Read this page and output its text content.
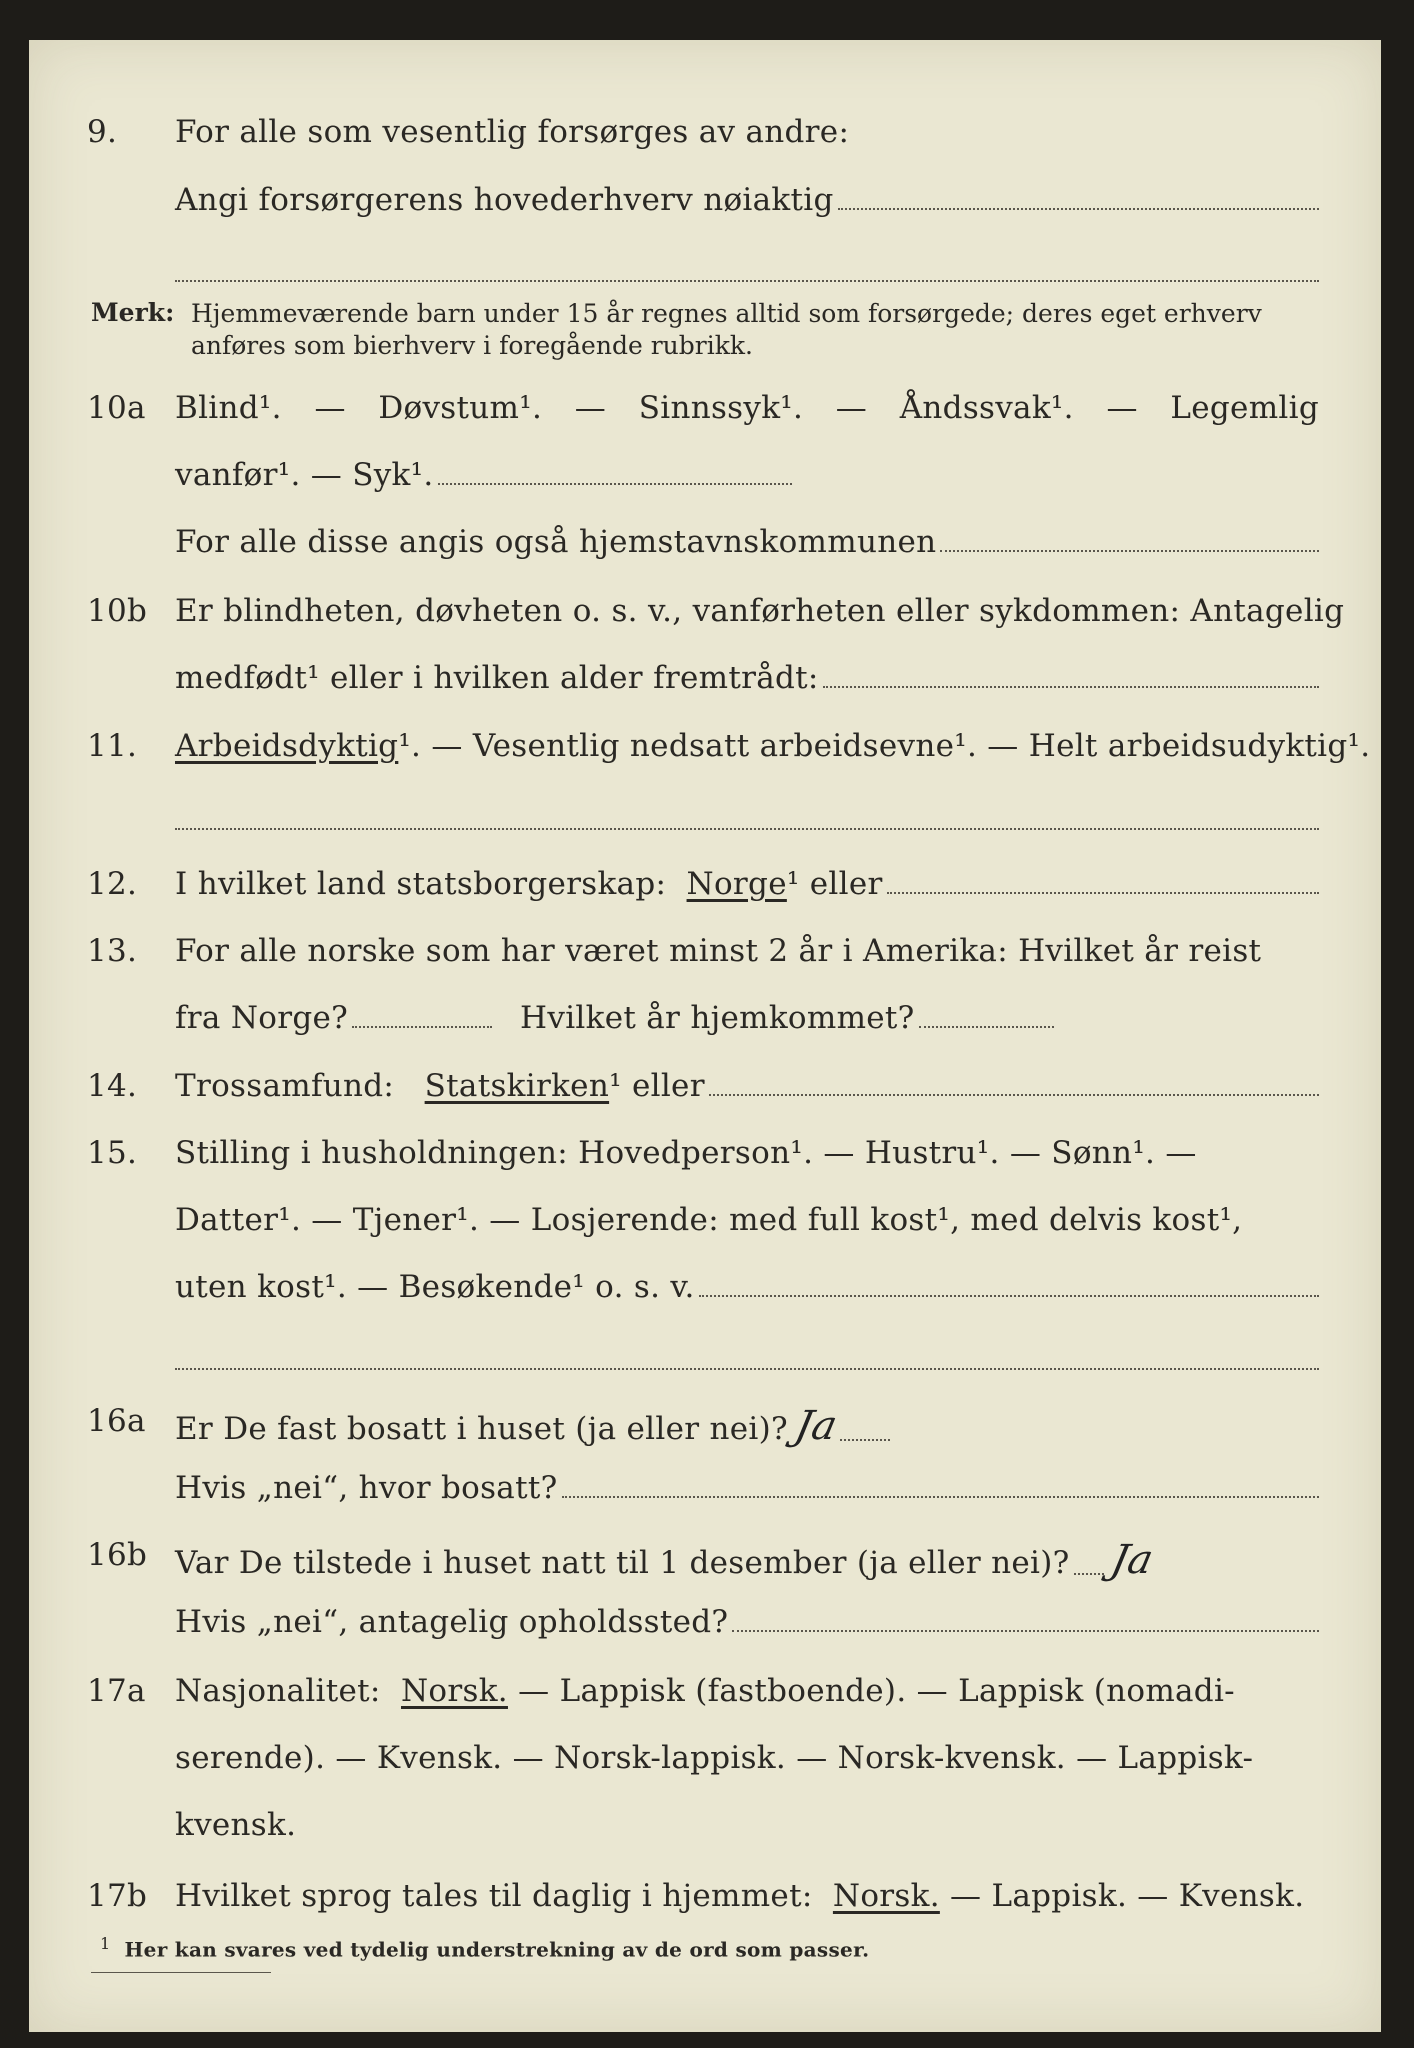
9. For alle som vesentlig forsørges av andre:
Angi forsørgerens hovederhverv nøiaktig
Merk: Hjemmeværende barn under 15 år regnes alltid som forsørgede; deres eget erhverv anføres som bierhverv i foregående rubrikk.
10a Blind¹. — Døvstum¹. — Sinnssyk¹. — Åndssvak¹. — Legemlig
vanfør¹. — Syk¹.
For alle disse angis også hjemstavnskommunen
10b Er blindheten, døvheten o. s. v., vanførheten eller sykdommen: Antagelig
medfødt¹ eller i hvilken alder fremtrådt:
11. Arbeidsdyktig ¹. — Vesentlig nedsatt arbeidsevne¹. — Helt arbeidsudyktig¹.
12. I hvilket land statsborgerskap:
Norge ¹ eller
13. For alle norske som har været minst 2 år i Amerika: Hvilket år reist
fra Norge?	Hvilket år hjemkommet?
14. Trossamfund:
Statskirken ¹ eller
15. Stilling i husholdningen: Hovedperson¹. — Hustru¹. — Sønn¹. —
Datter¹. — Tjener¹. — Losjerende: med full kost¹, med delvis kost¹,
uten kost¹. — Besøkende¹ o. s. v.
16a Er De fast bosatt i huset (ja eller nei)? Ja
Hvis „nei“, hvor bosatt?
16b Var De tilstede i huset natt til 1 desember (ja eller nei)? Ja
Hvis „nei“, antagelig opholdssted?
17a Nasjonalitet:
Norsk.
— Lappisk (fastboende). — Lappisk (nomadi-
serende). — Kvensk. — Norsk-lappisk. — Norsk-kvensk. — Lappisk-
kvensk.
17b Hvilket sprog tales til daglig i hjemmet:
Norsk.
— Lappisk. — Kvensk.
$^1$ Her kan svares ved tydelig understrekning av de ord som passer.
